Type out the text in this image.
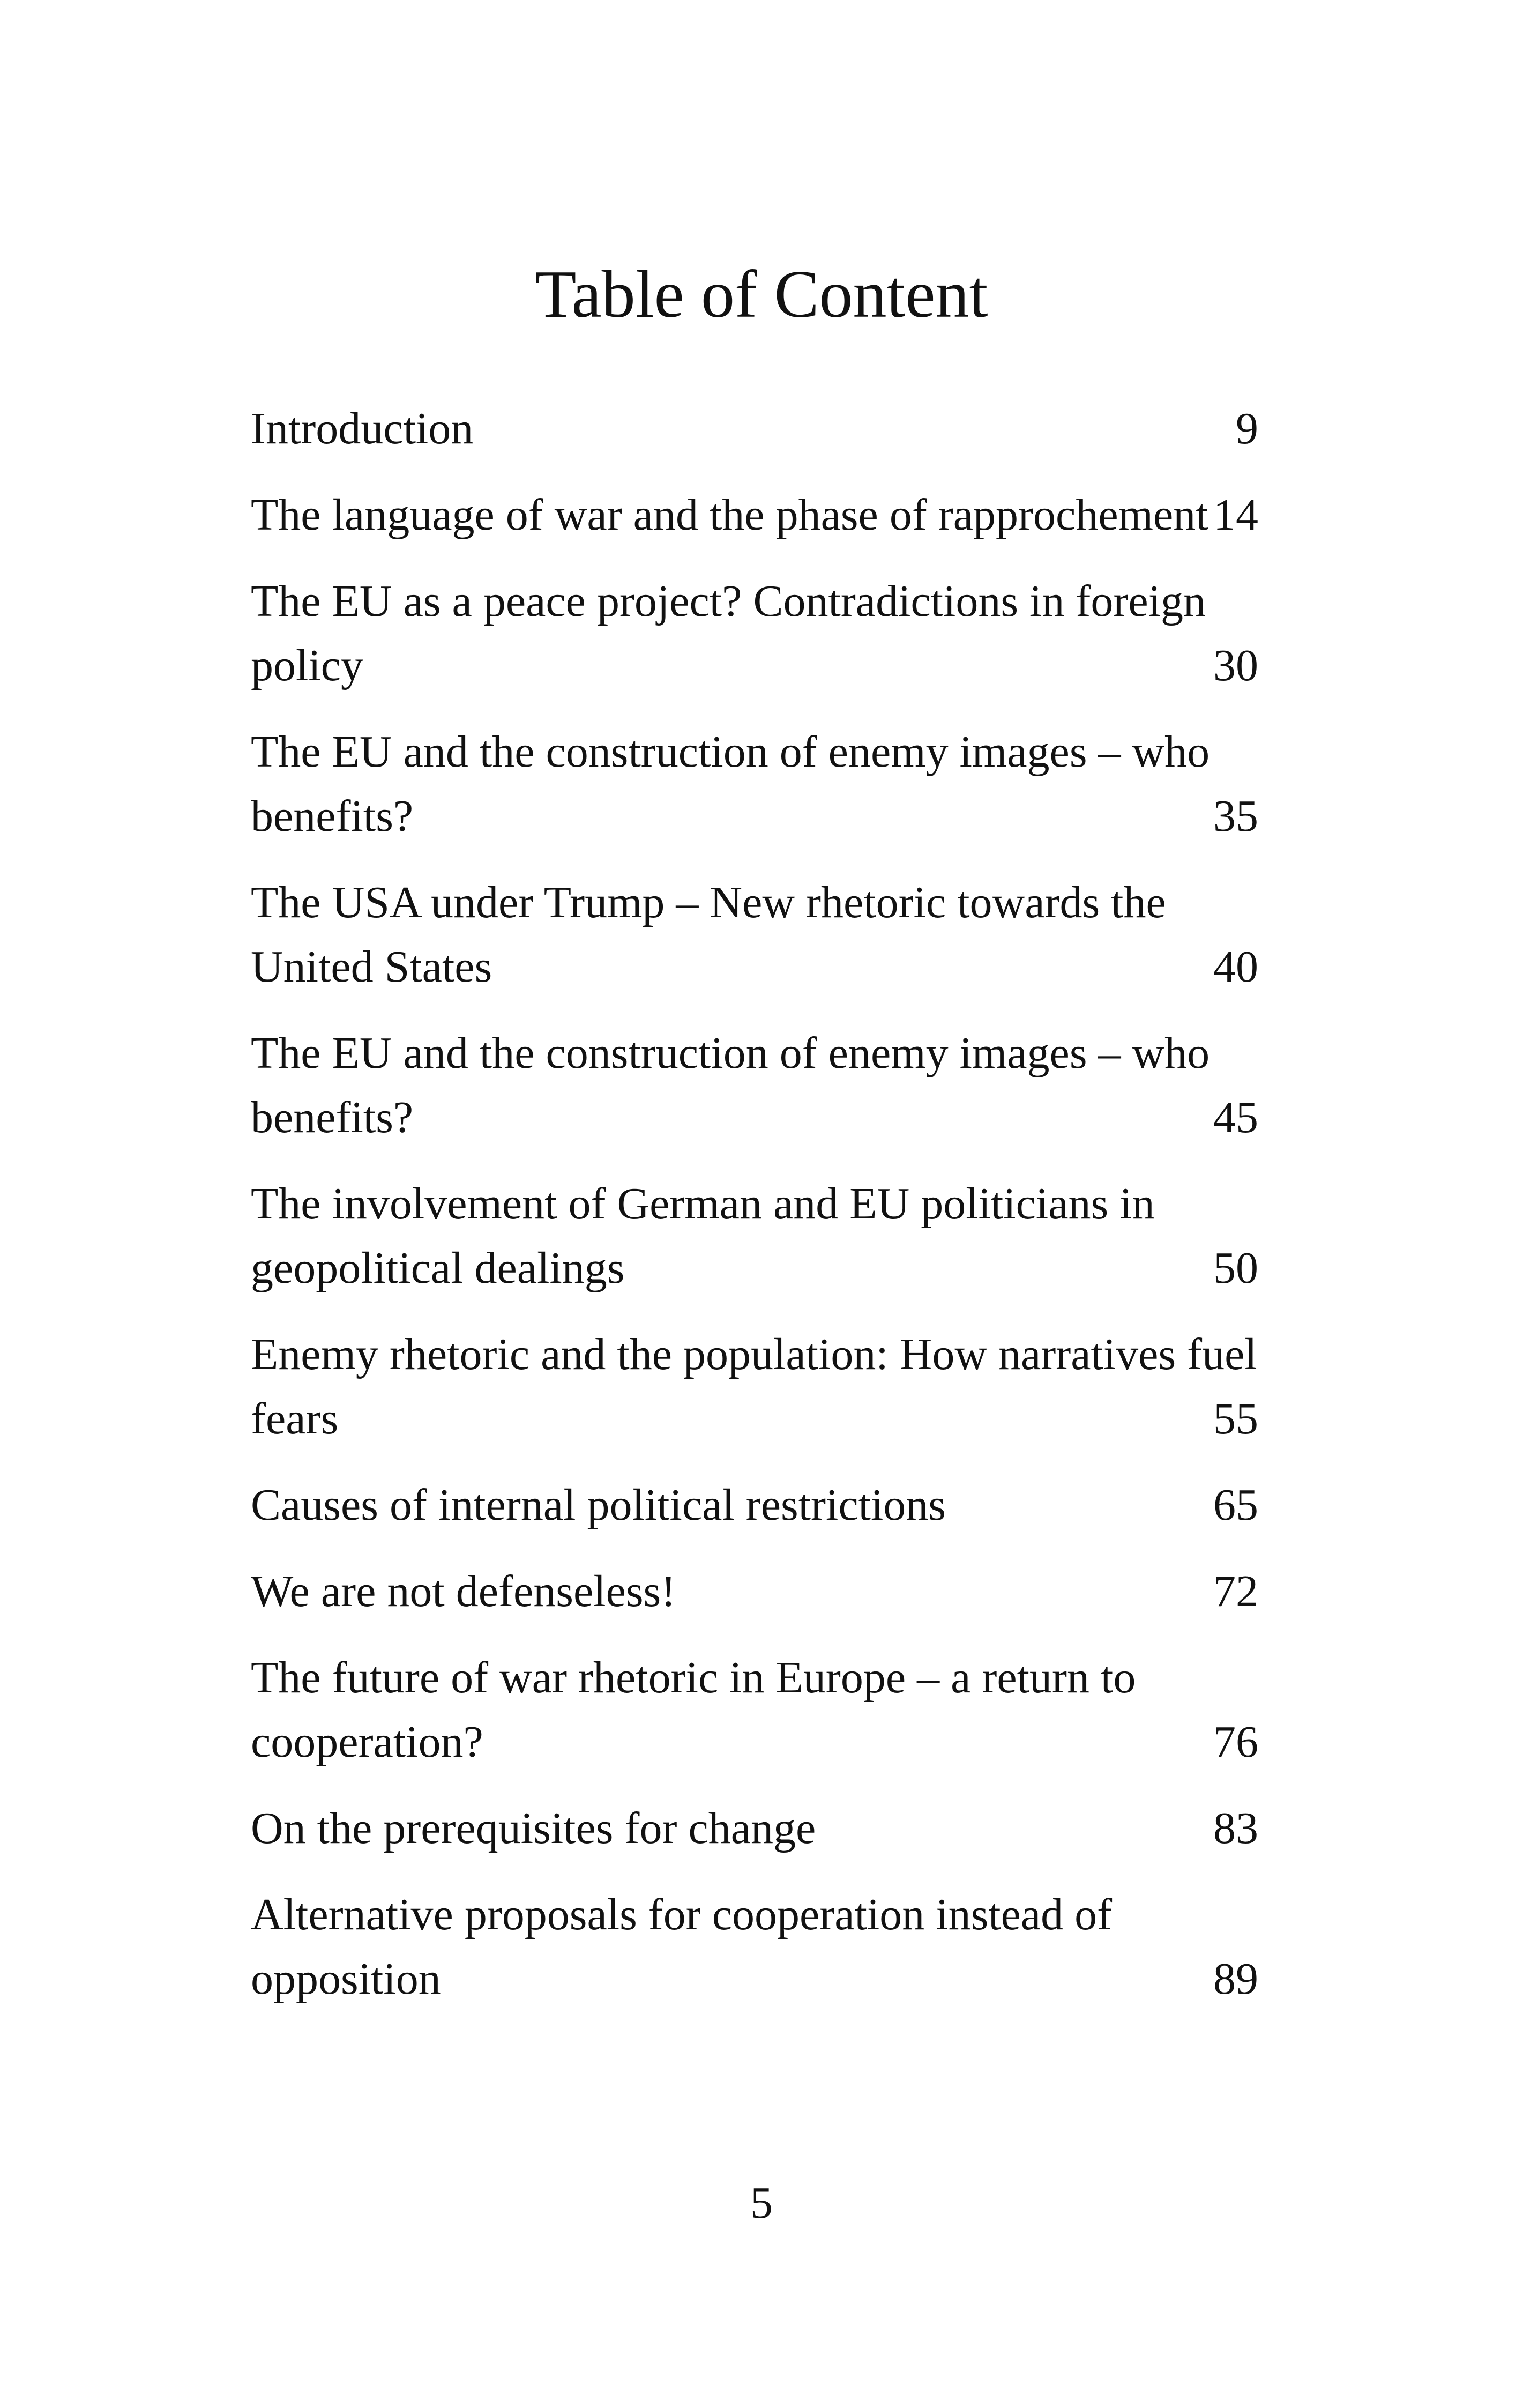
Table of Content
Introduction	9
The language of war and the phase of rapprochement 14
The EU as a peace project? Contradictions in foreign policy	30
The EU and the construction of enemy images – who benefits?	35
The USA under Trump – New rhetoric towards the United States	40
The EU and the construction of enemy images – who benefits?	45
The involvement of German and EU politicians in geopolitical dealings	50
Enemy rhetoric and the population: How narratives fuel fears	55
Causes of internal political restrictions	65
We are not defenseless!	72
The future of war rhetoric in Europe – a return to cooperation?	76
On the prerequisites for change	83
Alternative proposals for cooperation instead of opposition	89
5
